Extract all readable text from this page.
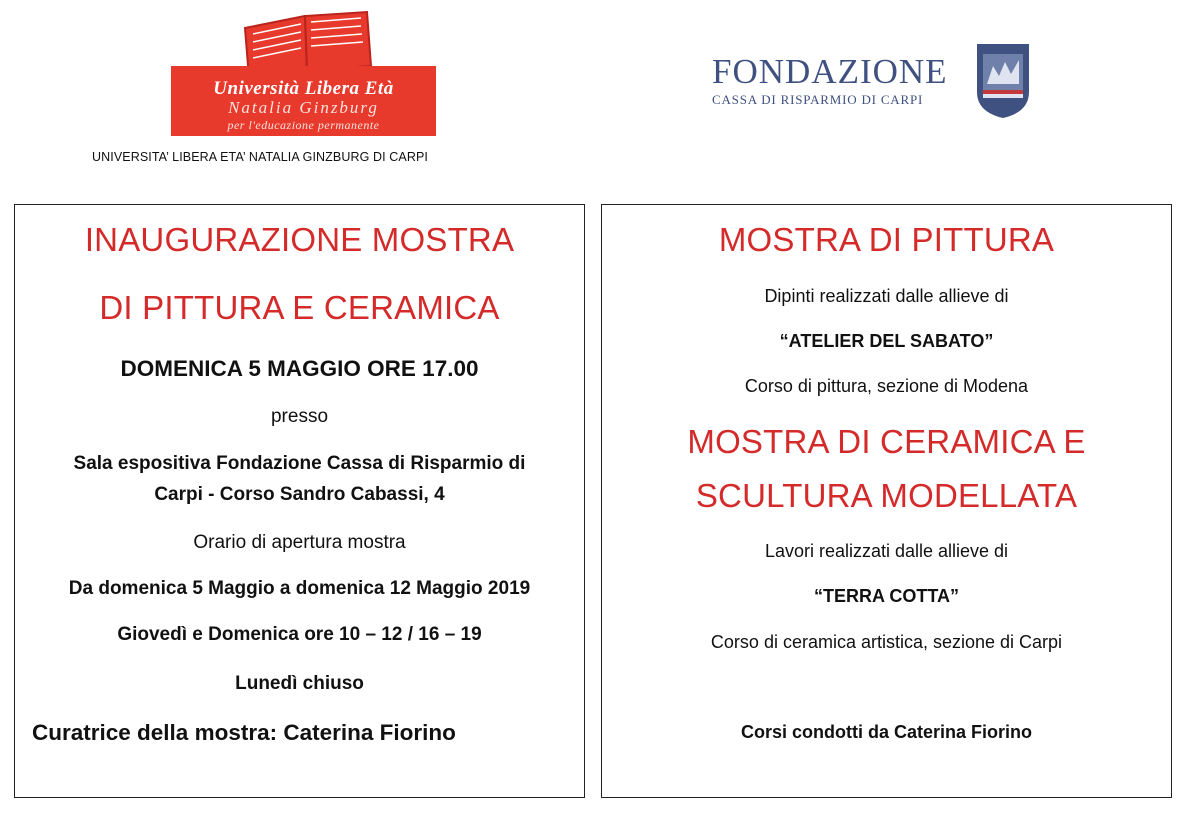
Università Libera Età
Natalia Ginzburg
per l'educazione permanente
UNIVERSITA’ LIBERA ETA’ NATALIA GINZBURG DI CARPI
FONDAZIONE
CASSA DI RISPARMIO DI CARPI
INAUGURAZIONE MOSTRA
DI PITTURA E CERAMICA
DOMENICA 5 MAGGIO ORE 17.00
presso
Sala espositiva Fondazione Cassa di Risparmio di
Carpi - Corso Sandro Cabassi, 4
Orario di apertura mostra
Da domenica 5 Maggio a domenica 12 Maggio 2019
Giovedì e Domenica ore 10 – 12 / 16 – 19
Lunedì chiuso
Curatrice della mostra: Caterina Fiorino
MOSTRA DI PITTURA
Dipinti realizzati dalle allieve di
“ATELIER DEL SABATO”
Corso di pittura, sezione di Modena
MOSTRA DI CERAMICA E
SCULTURA MODELLATA
Lavori realizzati dalle allieve di
“TERRA COTTA”
Corso di ceramica artistica, sezione di Carpi
Corsi condotti da Caterina Fiorino
